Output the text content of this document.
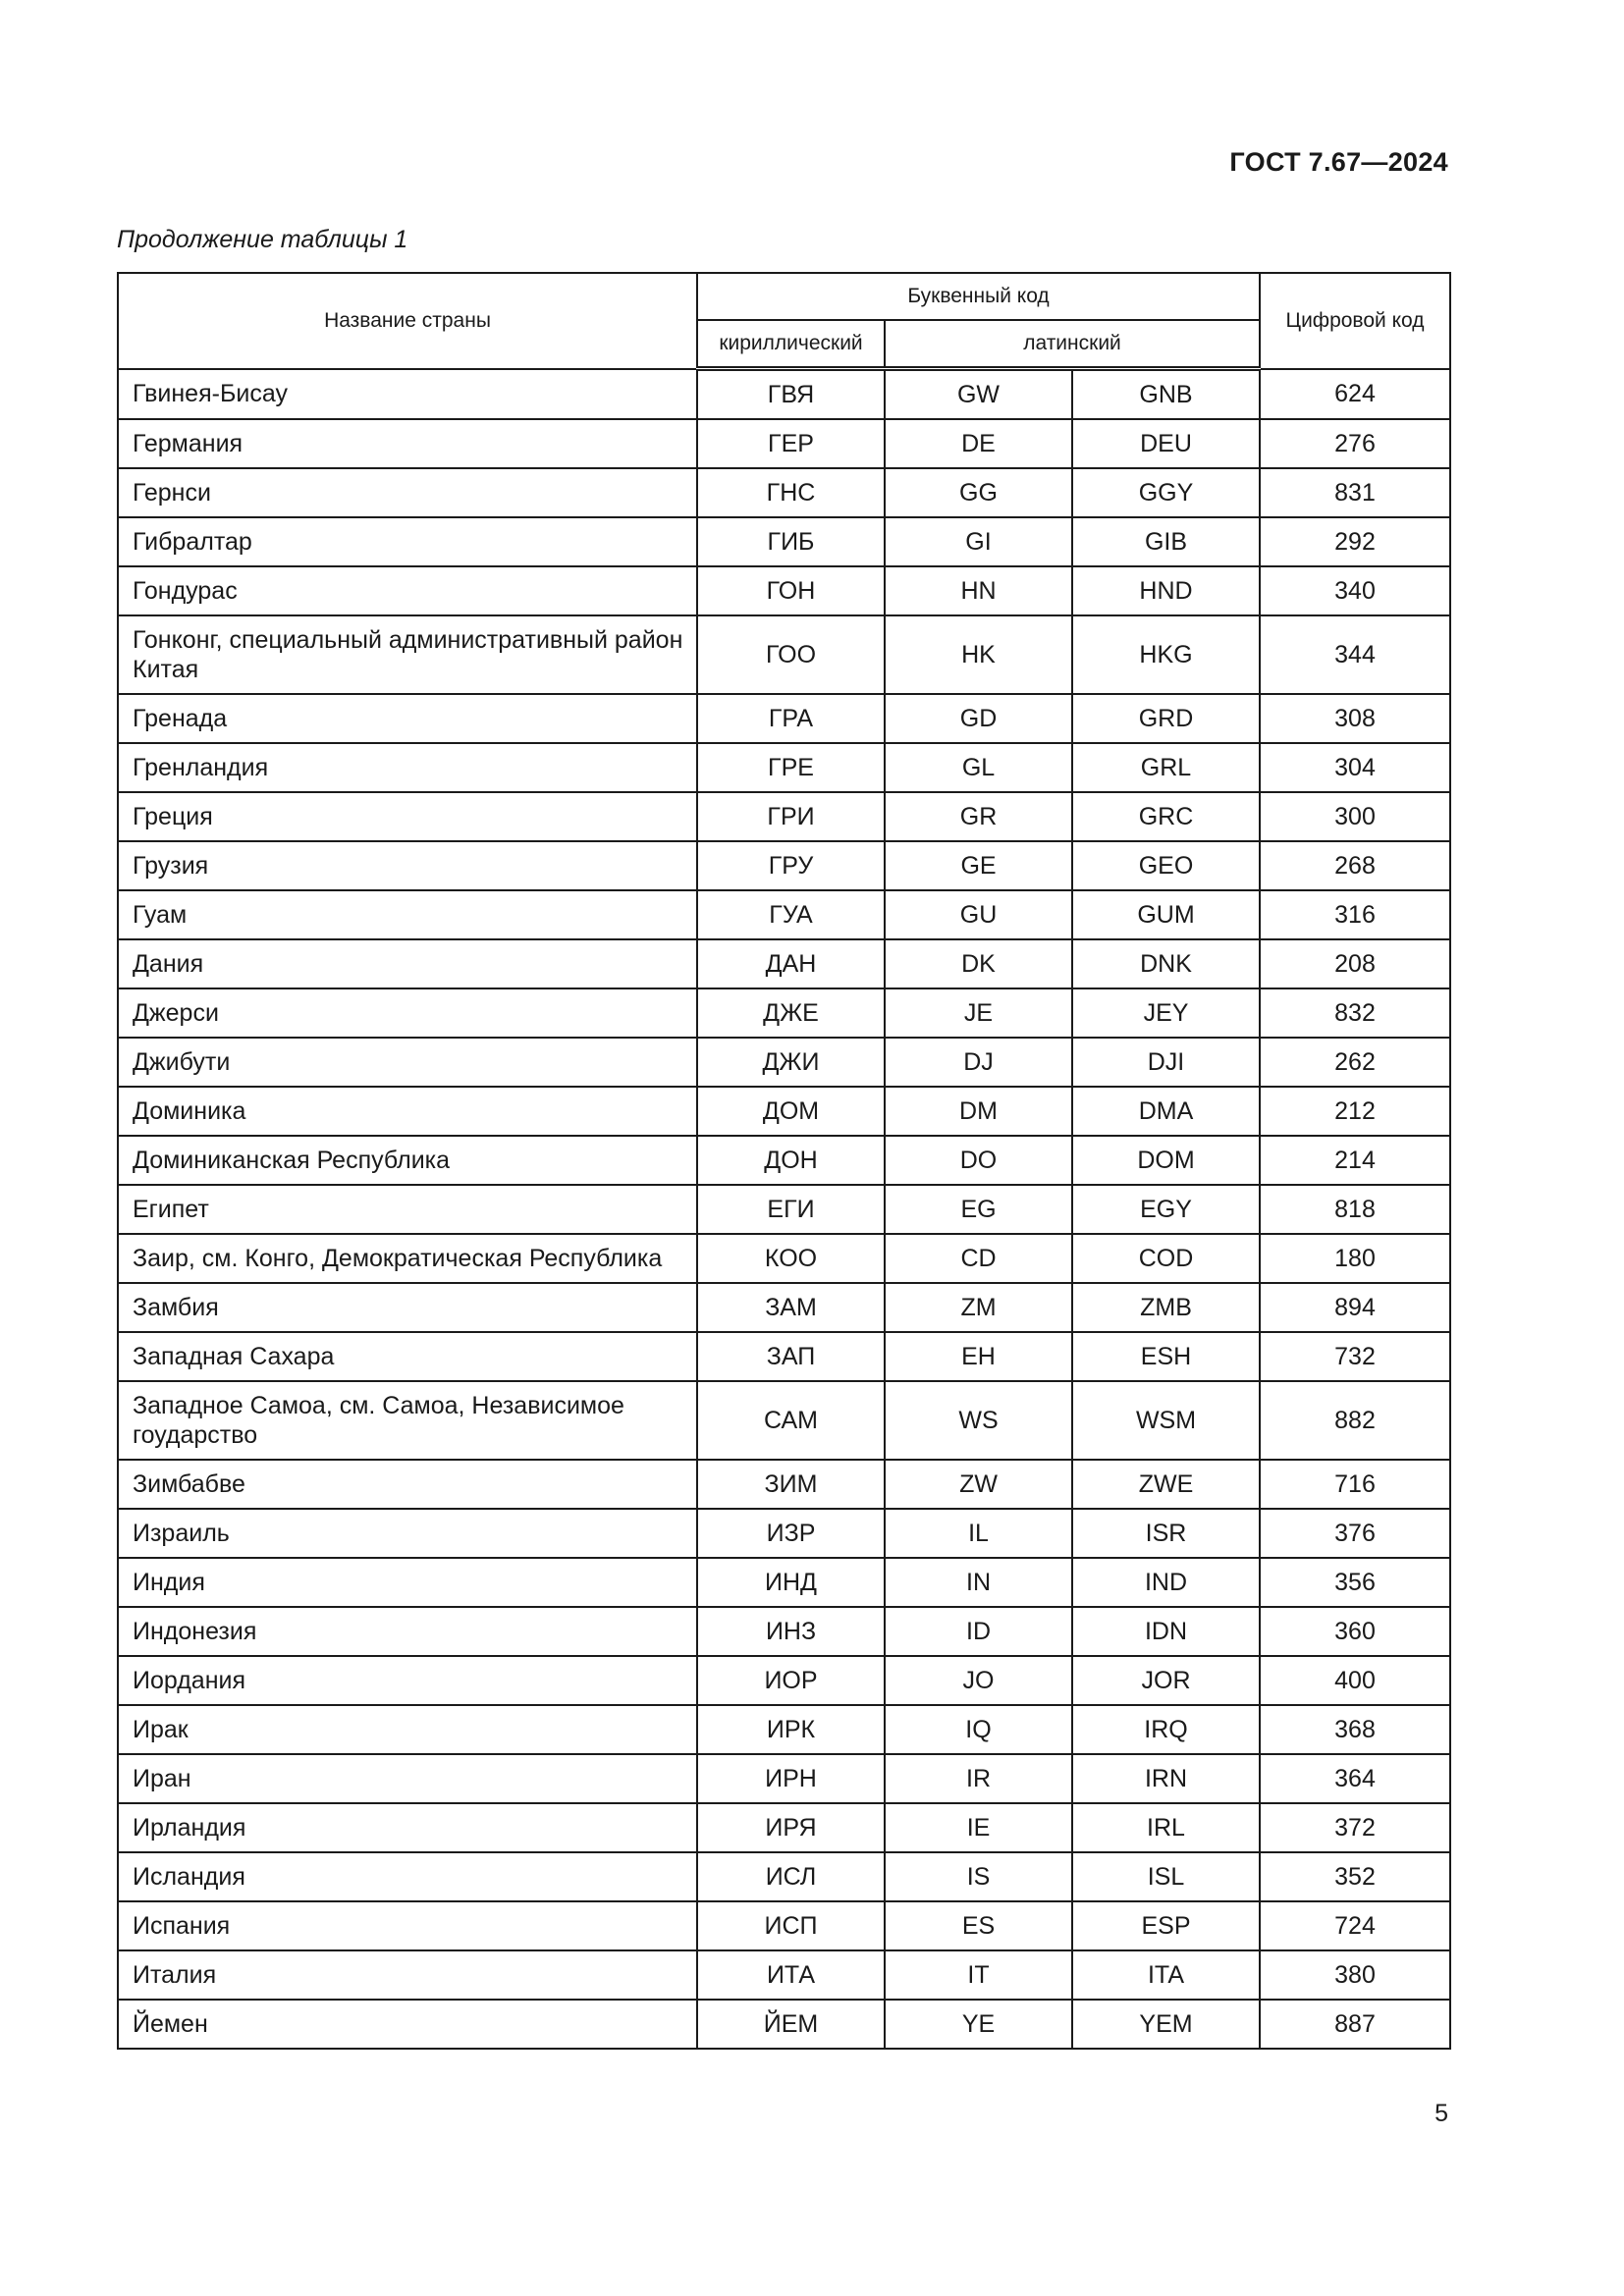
ГОСТ 7.67—2024
Продолжение таблицы 1
Название страны	Буквенный код			Цифровой код
	кириллический	латинский		
Гвинея-Бисау	ГВЯ	GW	GNB	624
Германия	ГЕР	DE	DEU	276
Гернси	ГНС	GG	GGY	831
Гибралтар	ГИБ	GI	GIB	292
Гондурас	ГОН	HN	HND	340
Гонконг, специальный административный район Китая	ГОО	HK	HKG	344
Гренада	ГРА	GD	GRD	308
Гренландия	ГРЕ	GL	GRL	304
Греция	ГРИ	GR	GRC	300
Грузия	ГРУ	GE	GEO	268
Гуам	ГУА	GU	GUM	316
Дания	ДАН	DK	DNK	208
Джерси	ДЖЕ	JE	JEY	832
Джибути	ДЖИ	DJ	DJI	262
Доминика	ДОМ	DM	DMA	212
Доминиканская Республика	ДОН	DO	DOM	214
Египет	ЕГИ	EG	EGY	818
Заир, см. Конго, Демократическая Республика	КОО	CD	COD	180
Замбия	ЗАМ	ZM	ZMB	894
Западная Сахара	ЗАП	EH	ESH	732
Западное Самоа, см. Самоа, Независимое гоударство	САМ	WS	WSM	882
Зимбабве	ЗИМ	ZW	ZWE	716
Израиль	ИЗР	IL	ISR	376
Индия	ИНД	IN	IND	356
Индонезия	ИНЗ	ID	IDN	360
Иордания	ИОР	JO	JOR	400
Ирак	ИРК	IQ	IRQ	368
Иран	ИРН	IR	IRN	364
Ирландия	ИРЯ	IE	IRL	372
Исландия	ИСЛ	IS	ISL	352
Испания	ИСП	ES	ESP	724
Италия	ИТА	IT	ITA	380
Йемен	ЙЕМ	YE	YEM	887
5
